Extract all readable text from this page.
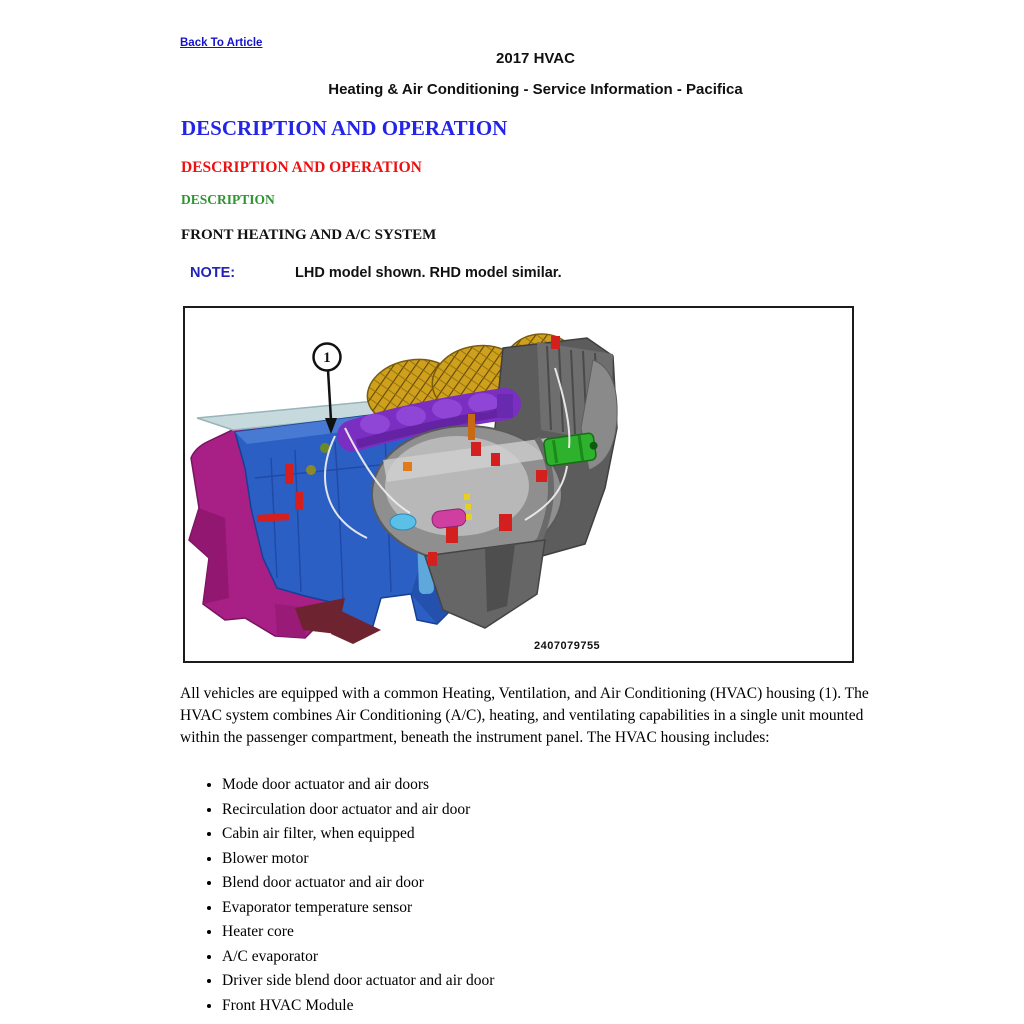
Back To Article
2017 HVAC
Heating & Air Conditioning - Service Information - Pacifica
DESCRIPTION AND OPERATION
DESCRIPTION AND OPERATION
DESCRIPTION
FRONT HEATING AND A/C SYSTEM
NOTE:	LHD model shown. RHD model similar.
1
2407079755
All vehicles are equipped with a common Heating, Ventilation, and Air Conditioning (HVAC) housing (1). The HVAC system combines Air Conditioning (A/C), heating, and ventilating capabilities in a single unit mounted within the passenger compartment, beneath the instrument panel. The HVAC housing includes:
• Mode door actuator and air doors
• Recirculation door actuator and air door
• Cabin air filter, when equipped
• Blower motor
• Blend door actuator and air door
• Evaporator temperature sensor
• Heater core
• A/C evaporator
• Driver side blend door actuator and air door
• Front HVAC Module
